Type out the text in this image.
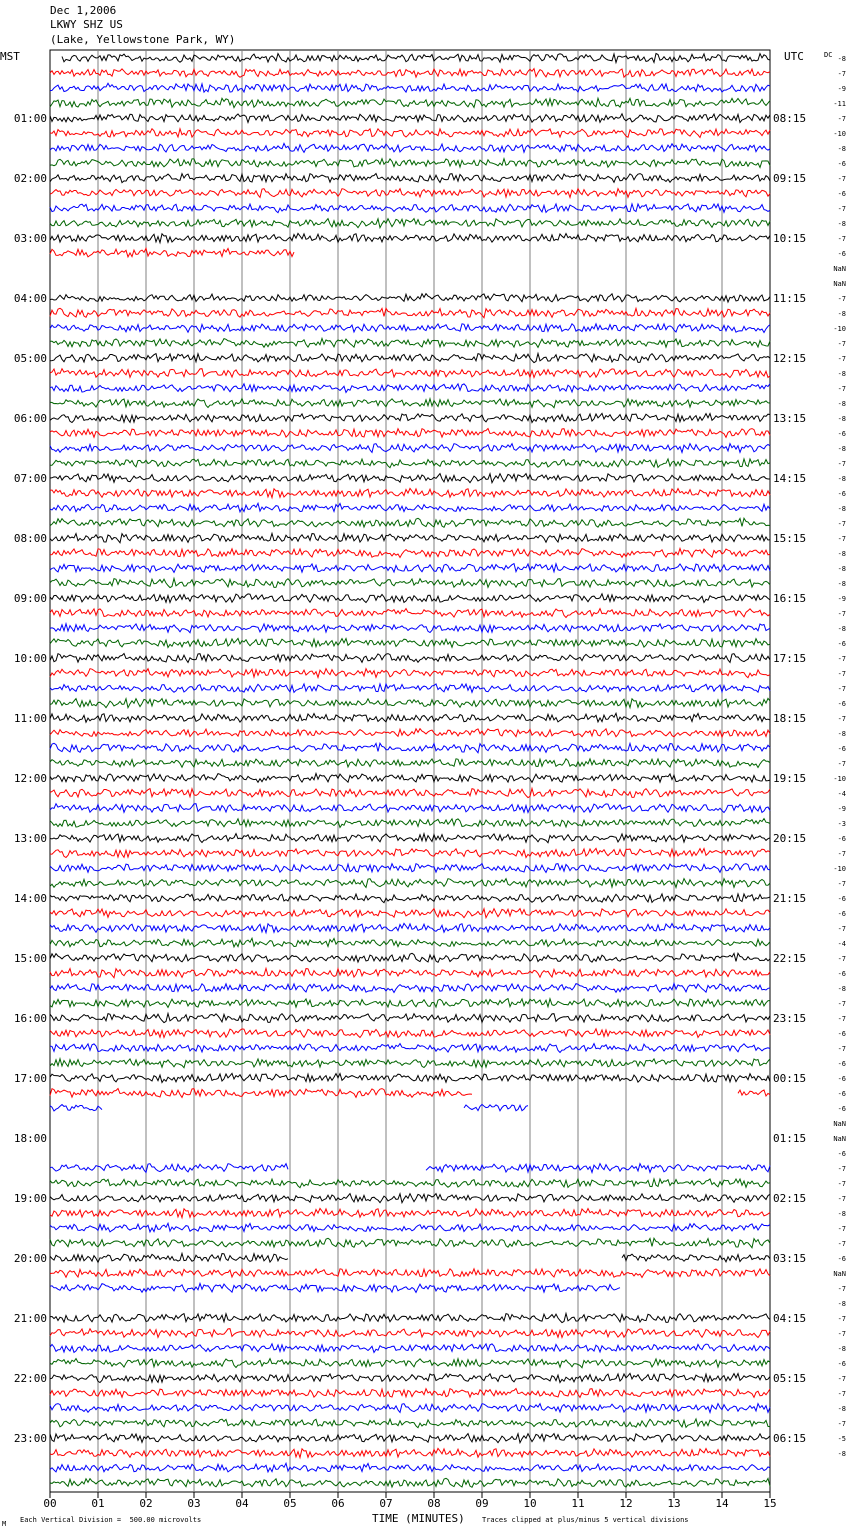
Dec 1,2006
LKWY SHZ US
(Lake, Yellowstone Park, WY)
MST	UTC
00	01	02	03	04	05	06	07	08	09	10	11	12	13	14	15
01:00
02:00
03:00
04:00
05:00
06:00
07:00
08:00
09:00
10:00
11:00
12:00
13:00
14:00
15:00
16:00
17:00
18:00
19:00
20:00
21:00
22:00
23:00
08:15
09:15
10:15
11:15
12:15
13:15
14:15
15:15
16:15
17:15
18:15
19:15
20:15
21:15
22:15
23:15
00:15
01:15
02:15
03:15
04:15
05:15
06:15
DC -8
-7
-9
-11
-7
-10
-8
-6
-7
-6
-7
-8
-7
-6
NaN
NaN
-7
-8
-10
-7
-7
-8
-7
-8
-8
-6
-8
-7
-8
-6
-8
-7
-7
-8
-8
-8
-9
-7
-8
-6
-7
-7
-7
-6
-7
-8
-6
-7
-10
-4
-9
-3
-6
-7
-10
-7
-6
-6
-7
-4
-7
-6
-8
-7
-7
-6
-7
-6
-6
-6
-6
NaN
NaN
-6
-7
-7
-7
-8
-7
-7
-6
NaN
-7
-8
-7
-7
-8
-6
-7
-7
-8
-7
-5
-8
TIME (MINUTES)
Each Vertical Division =  500.00 microvolts	Traces clipped at plus/minus 5 vertical divisions
M
